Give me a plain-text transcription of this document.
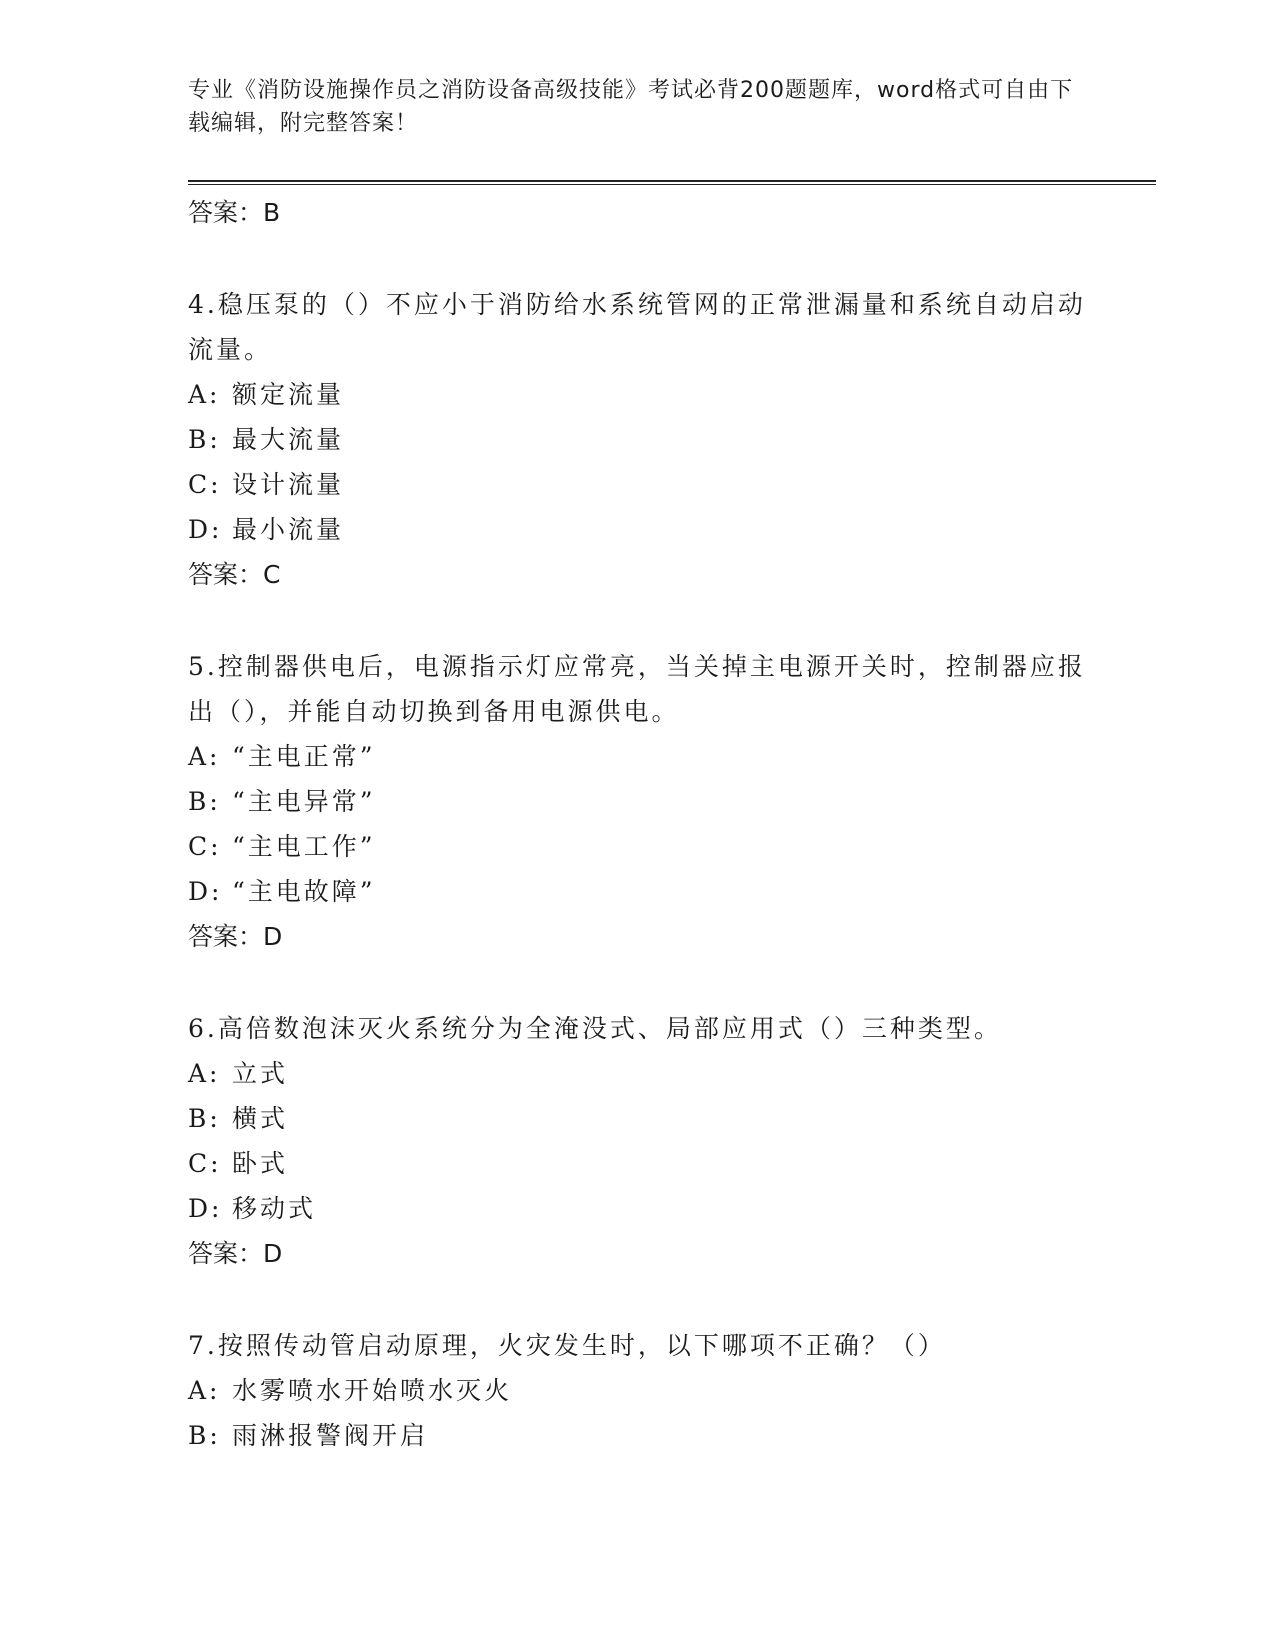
专业《消防设施操作员之消防设备高级技能》考试必背200题题库，word格式可自由下载编辑，附完整答案！
答案：B

4.稳压泵的（）不应小于消防给水系统管网的正常泄漏量和系统自动启动流量。

A: 额定流量
B: 最大流量
C: 设计流量
D: 最小流量
答案：C

5.控制器供电后，电源指示灯应常亮，当关掉主电源开关时，控制器应报出（），并能自动切换到备用电源供电。

A: “主电正常”
B: “主电异常”
C: “主电工作”
D: “主电故障”
答案：D

6.高倍数泡沫灭火系统分为全淹没式、局部应用式（）三种类型。

A: 立式
B: 横式
C: 卧式
D: 移动式
答案：D

7.按照传动管启动原理，火灾发生时，以下哪项不正确？（）

A: 水雾喷水开始喷水灭火
B: 雨淋报警阀开启
